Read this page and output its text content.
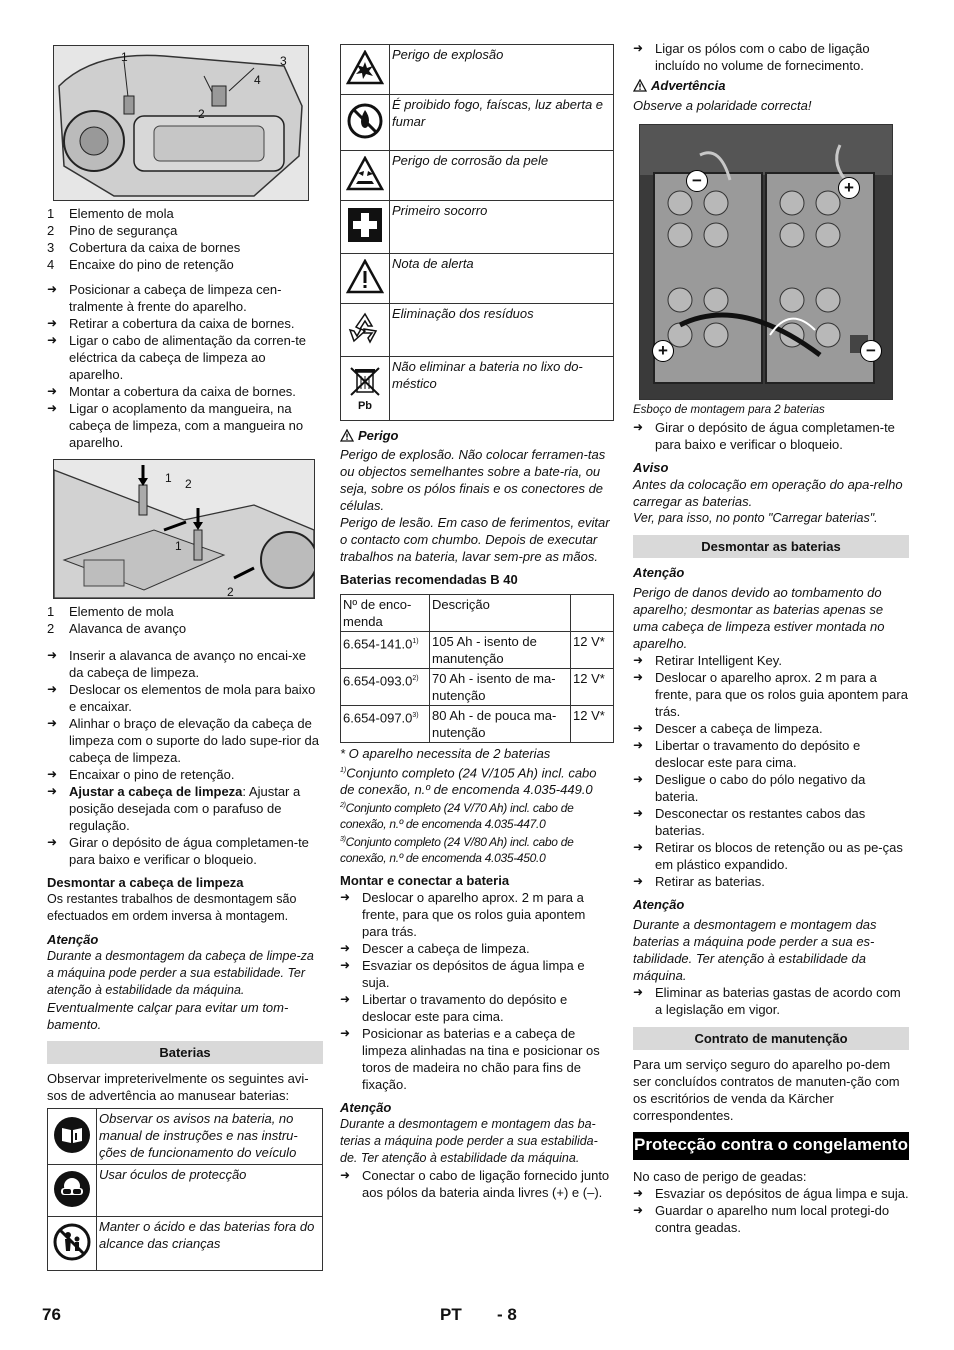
1	3
4
2
1	Elemento de mola
2	Pino de segurança
3	Cobertura da caixa de bornes
4	Encaixe do pino de retenção
➜ Posicionar a cabeça de limpeza cen-tralmente à frente do aparelho.
➜ Retirar a cobertura da caixa de bornes.
➜ Ligar o cabo de alimentação da corren-te eléctrica da cabeça de limpeza ao aparelho.
➜ Montar a cobertura da caixa de bornes.
➜ Ligar o acoplamento da mangueira, na cabeça de limpeza, com a mangueira no aparelho.
1 2
1
2
1	Elemento de mola
2	Alavanca de avanço
➜ Inserir a alavanca de avanço no encai-xe da cabeça de limpeza.
➜ Deslocar os elementos de mola para baixo e encaixar.
➜ Alinhar o braço de elevação da cabeça de limpeza com o suporte do lado supe-rior da cabeça de limpeza.
➜ Encaixar o pino de retenção.
➜ Ajustar a cabeça de limpeza: Ajustar a posição desejada com o parafuso de regulação.
➜ Girar o depósito de água completamen-te para baixo e verificar o bloqueio.
Desmontar a cabeça de limpeza
Os restantes trabalhos de desmontagem são efectuados em ordem inversa à montagem.
Atenção
Durante a desmontagem da cabeça de limpe-za a máquina pode perder a sua estabilidade. Ter atenção à estabilidade da máquina.
Eventualmente calçar para evitar um tom-bamento.
Baterias
Observar impreterivelmente os seguintes avi-sos de advertência ao manusear baterias:
	Observar os avisos na bateria, no manual de instruções e nas instru-ções de funcionamento do veículo
	Usar óculos de protecção
	Manter o ácido e das baterias fora do alcance das crianças
	Perigo de explosão
	É proibido fogo, faíscas, luz aberta e fumar
	Perigo de corrosão da pele
	Primeiro socorro
	Nota de alerta
	Eliminação dos resíduos

Pb	Não eliminar a bateria no lixo do-méstico
Perigo
Perigo de explosão. Não colocar ferramen-tas ou objectos semelhantes sobre a bate-ria, ou seja, sobre os pólos finais e os conectores de células.
Perigo de lesão. Em caso de ferimentos, evitar o contacto com chumbo. Depois de executar trabalhos na bateria, lavar sem-pre as mãos.
Baterias recomendadas B 40
Nº de enco-menda	Descrição	
6.654-141.0$^{1)}$	105 Ah - isento de manutenção	12 V*
6.654-093.0$^{2)}$	70 Ah - isento de ma-nutenção	12 V*
6.654-097.0$^{3)}$	80 Ah - de pouca ma-nutenção	12 V*
* O aparelho necessita de 2 baterias
$^{1)}$Conjunto completo (24 V/105 Ah) incl. cabo de conexão, n.º de encomenda 4.035-449.0
$^{2)}$Conjunto completo (24 V/70 Ah) incl. cabo de conexão, n.º de encomenda 4.035-447.0
$^{3)}$Conjunto completo (24 V/80 Ah) incl. cabo de conexão, n.º de encomenda 4.035-450.0
Montar e conectar a bateria
➜ Deslocar o aparelho aprox. 2 m para a frente, para que os rolos guia apontem para trás.
➜ Descer a cabeça de limpeza.
➜ Esvaziar os depósitos de água limpa e suja.
➜ Libertar o travamento do depósito e deslocar este para cima.
➜ Posicionar as baterias e a cabeça de limpeza alinhadas na tina e posicionar os toros de madeira no chão para fins de fixação.
Atenção
Durante a desmontagem e montagem das ba-terias a máquina pode perder a sua estabilida-de. Ter atenção à estabilidade da máquina.
➜ Conectar o cabo de ligação fornecido junto aos pólos da bateria ainda livres (+) e (–).
➜ Ligar os pólos com o cabo de ligação incluído no volume de fornecimento.
Advertência
Observe a polaridade correcta!
−	+
+	−
Esboço de montagem para 2 baterias
➜ Girar o depósito de água completamen-te para baixo e verificar o bloqueio.
Aviso
Antes da colocação em operação do apa-relho carregar as baterias.
Ver, para isso, no ponto "Carregar baterias".
Desmontar as baterias
Atenção
Perigo de danos devido ao tombamento do aparelho; desmontar as baterias apenas se uma cabeça de limpeza estiver montada no aparelho.
➜ Retirar Intelligent Key.
➜ Deslocar o aparelho aprox. 2 m para a frente, para que os rolos guia apontem para trás.
➜ Descer a cabeça de limpeza.
➜ Libertar o travamento do depósito e deslocar este para cima.
➜ Desligue o cabo do pólo negativo da bateria.
➜ Desconectar os restantes cabos das baterias.
➜ Retirar os blocos de retenção ou as pe-ças em plástico expandido.
➜ Retirar as baterias.
Atenção
Durante a desmontagem e montagem das baterias a máquina pode perder a sua es-tabilidade. Ter atenção à estabilidade da máquina.
➜ Eliminar as baterias gastas de acordo com a legislação em vigor.
Contrato de manutenção
Para um serviço seguro do aparelho po-dem ser concluídos contratos de manuten-ção com os escritórios de venda da Kärcher correspondentes.
Protecção contra o congelamento
No caso de perigo de geadas:
➜ Esvaziar os depósitos de água limpa e suja.
➜ Guardar o aparelho num local protegi-do contra geadas.
76	PT - 8
